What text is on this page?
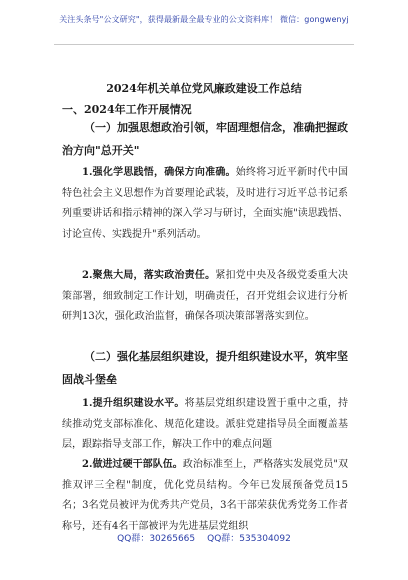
关注头条号"公文研究"，获得最新最全最专业的公文资料库！ 微信：gongwenyj
2024年机关单位党风廉政建设工作总结
一、2024年工作开展情况
（一）加强思想政治引领，牢固理想信念，准确把握政治方向"总开关"
1.强化学思践悟，确保方向准确。始终将习近平新时代中国特色社会主义思想作为首要理论武装，及时进行习近平总书记系列重要讲话和指示精神的深入学习与研讨，全面实施"读思践悟、讨论宣传、实践提升"系列活动。
2.聚焦大局，落实政治责任。紧扣党中央及各级党委重大决策部署，细致制定工作计划，明确责任，召开党组会议进行分析研判13次，强化政治监督，确保各项决策部署落实到位。
（二）强化基层组织建设，提升组织建设水平，筑牢坚固战斗堡垒
1.提升组织建设水平。将基层党组织建设置于重中之重，持续推动党支部标准化、规范化建设。派驻党建指导员全面覆盖基层，跟踪指导支部工作，解决工作中的难点问题
2.做进过硬干部队伍。政治标准至上，严格落实发展党员"双推双评三全程"制度，优化党员结构。今年已发展预备党员15名；3名党员被评为优秀共产党员，3名干部荣获优秀党务工作者称号，还有4名干部被评为先进基层党组织
QQ群：30265665 QQ群：535304092
